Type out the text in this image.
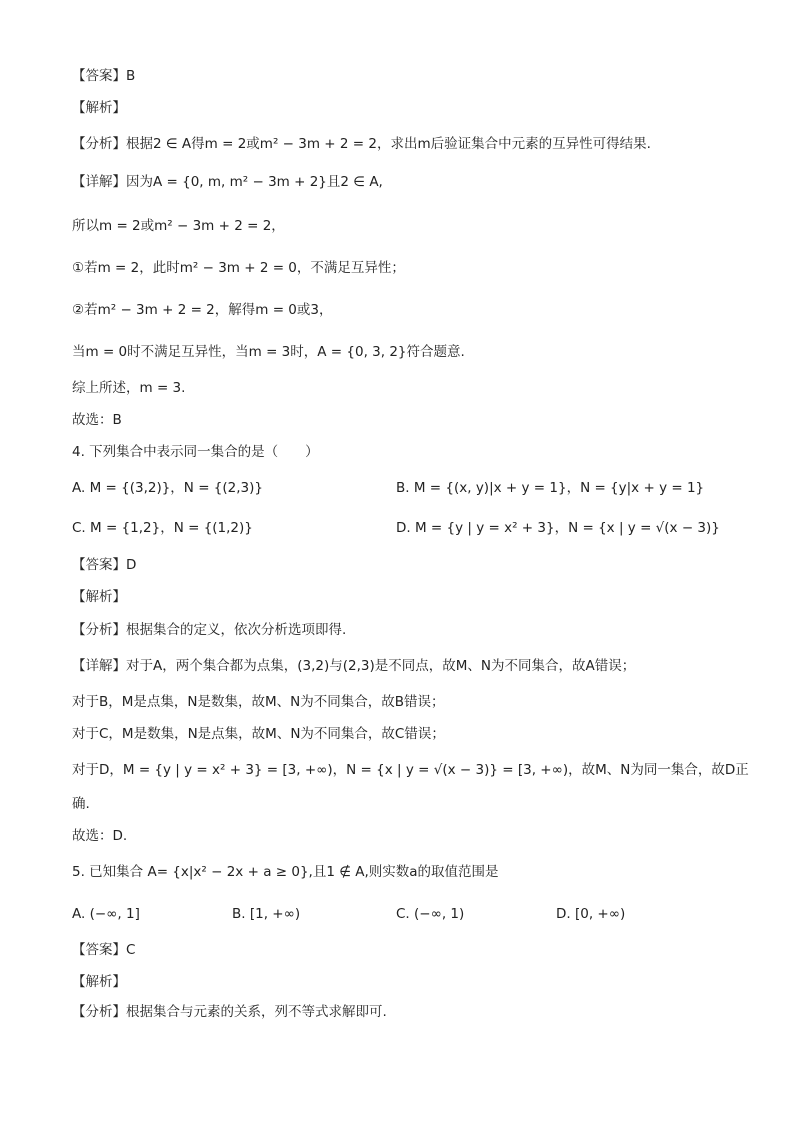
【答案】B
【解析】
【分析】根据2 ∈ A得m = 2或m² − 3m + 2 = 2，求出m后验证集合中元素的互异性可得结果.
【详解】因为A = {0, m, m² − 3m + 2}且2 ∈ A,
所以m = 2或m² − 3m + 2 = 2，
①若m = 2，此时m² − 3m + 2 = 0，不满足互异性；
②若m² − 3m + 2 = 2，解得m = 0或3，
当m = 0时不满足互异性，当m = 3时，A = {0, 3, 2}符合题意.
综上所述，m = 3.
故选：B
4. 下列集合中表示同一集合的是（　　）
A. M = {(3,2)}，N = {(2,3)}	B. M = {(x, y)|x + y = 1}，N = {y|x + y = 1}
C. M = {1,2}，N = {(1,2)}	D. M = {y | y = x² + 3}，N = {x | y = √(x − 3)}
【答案】D
【解析】
【分析】根据集合的定义，依次分析选项即得.
【详解】对于A，两个集合都为点集，(3,2)与(2,3)是不同点，故M、N为不同集合，故A错误；
对于B，M是点集，N是数集，故M、N为不同集合，故B错误；
对于C，M是数集，N是点集，故M、N为不同集合，故C错误；
对于D，M = {y | y = x² + 3} = [3, +∞)，N = {x | y = √(x − 3)} = [3, +∞)，故M、N为同一集合，故D正
确.
故选：D.
5. 已知集合 A= {x|x² − 2x + a ≥ 0},且1 ∉ A,则实数a的取值范围是
A. (−∞, 1]	B. [1, +∞)	C. (−∞, 1)	D. [0, +∞)
【答案】C
【解析】
【分析】根据集合与元素的关系，列不等式求解即可.
